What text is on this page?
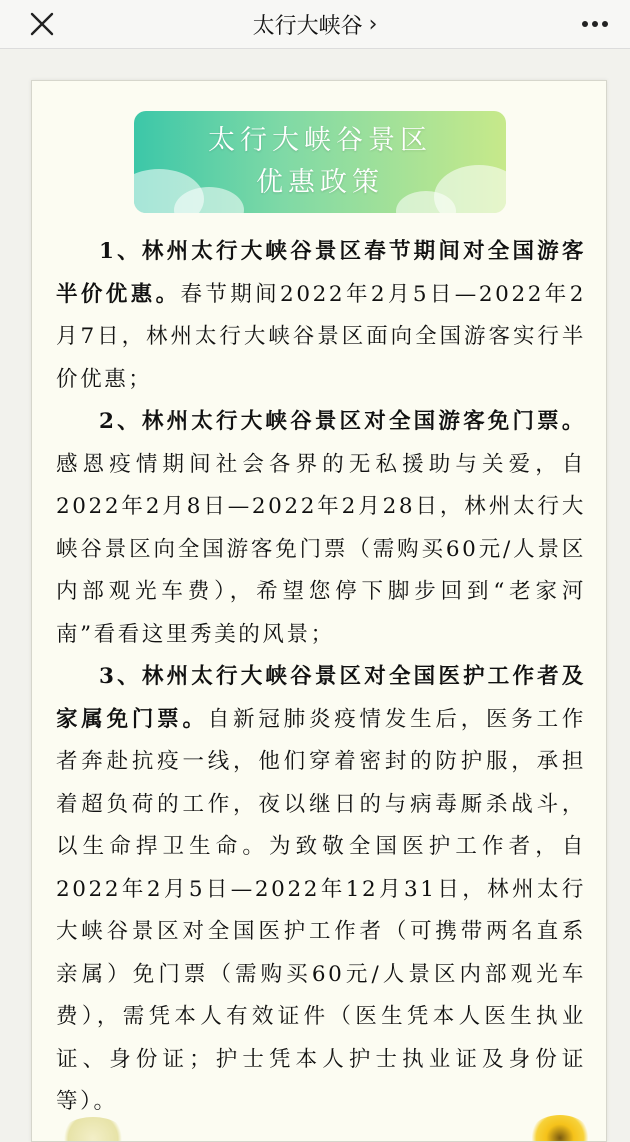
太行大峡谷 ›
太行大峡谷景区
优惠政策

1、林州太行大峡谷景区春节期间对全国游客半价优惠。春节期间2022年2月5日—2022年2月7日，林州太行大峡谷景区面向全国游客实行半价优惠；

2、林州太行大峡谷景区对全国游客免门票。感恩疫情期间社会各界的无私援助与关爱，自2022年2月8日—2022年2月28日，林州太行大峡谷景区向全国游客免门票（需购买60元/人景区内部观光车费），希望您停下脚步回到“老家河南”看看这里秀美的风景；

3、林州太行大峡谷景区对全国医护工作者及家属免门票。自新冠肺炎疫情发生后，医务工作者奔赴抗疫一线，他们穿着密封的防护服，承担着超负荷的工作，夜以继日的与病毒厮杀战斗，以生命捍卫生命。为致敬全国医护工作者，自2022年2月5日—2022年12月31日，林州太行大峡谷景区对全国医护工作者（可携带两名直系亲属）免门票（需购买60元/人景区内部观光车费），需凭本人有效证件（医生凭本人医生执业证、身份证；护士凭本人护士执业证及身份证等）。
